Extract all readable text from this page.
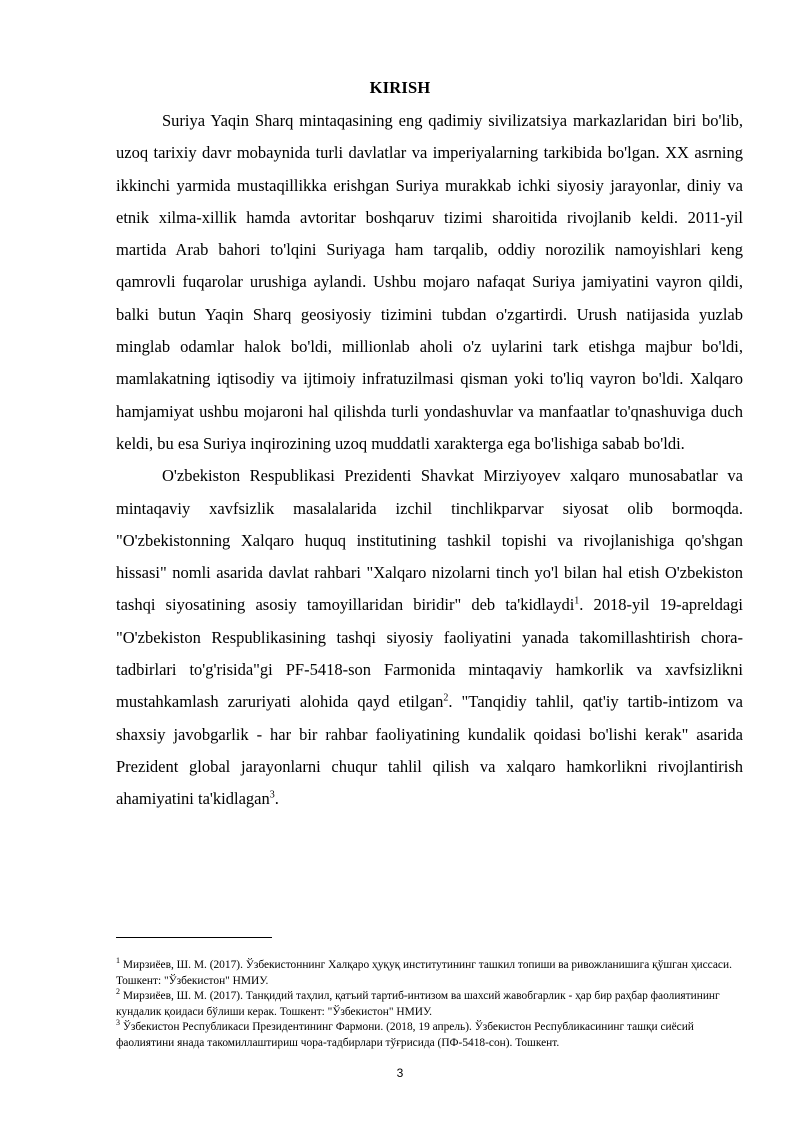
KIRISH

Suriya Yaqin Sharq mintaqasining eng qadimiy sivilizatsiya markazlaridan biri bo'lib, uzoq tarixiy davr mobaynida turli davlatlar va imperiyalarning tarkibida bo'lgan. XX asrning ikkinchi yarmida mustaqillikka erishgan Suriya murakkab ichki siyosiy jarayonlar, diniy va etnik xilma-xillik hamda avtoritar boshqaruv tizimi sharoitida rivojlanib keldi. 2011-yil martida Arab bahori to'lqini Suriyaga ham tarqalib, oddiy norozilik namoyishlari keng qamrovli fuqarolar urushiga aylandi. Ushbu mojaro nafaqat Suriya jamiyatini vayron qildi, balki butun Yaqin Sharq geosiyosiy tizimini tubdan o'zgartirdi. Urush natijasida yuzlab minglab odamlar halok bo'ldi, millionlab aholi o'z uylarini tark etishga majbur bo'ldi, mamlakatning iqtisodiy va ijtimoiy infratuzilmasi qisman yoki to'liq vayron bo'ldi. Xalqaro hamjamiyat ushbu mojaroni hal qilishda turli yondashuvlar va manfaatlar to'qnashuviga duch keldi, bu esa Suriya inqirozining uzoq muddatli xarakterga ega bo'lishiga sabab bo'ldi.

O'zbekiston Respublikasi Prezidenti Shavkat Mirziyoyev xalqaro munosabatlar va mintaqaviy xavfsizlik masalalarida izchil tinchlikparvar siyosat olib bormoqda. "O'zbekistonning Xalqaro huquq institutining tashkil topishi va rivojlanishiga qo'shgan hissasi" nomli asarida davlat rahbari "Xalqaro nizolarni tinch yo'l bilan hal etish O'zbekiston tashqi siyosatining asosiy tamoyillaridan biridir" deb ta'kidlaydi$^1$. 2018-yil 19-apreldagi "O'zbekiston Respublikasining tashqi siyosiy faoliyatini yanada takomillashtirish chora-tadbirlari to'g'risida"gi PF-5418-son Farmonida mintaqaviy hamkorlik va xavfsizlikni mustahkamlash zaruriyati alohida qayd etilgan$^2$. "Tanqidiy tahlil, qat'iy tartib-intizom va shaxsiy javobgarlik - har bir rahbar faoliyatining kundalik qoidasi bo'lishi kerak" asarida Prezident global jarayonlarni chuqur tahlil qilish va xalqaro hamkorlikni rivojlantirish ahamiyatini ta'kidlagan$^3$.

$^1$ Мирзиёев, Ш. М. (2017). Ўзбекистоннинг Халқаро ҳуқуқ институтининг ташкил топиши ва ривожланишига қўшган ҳиссаси. Тошкент: "Ўзбекистон" НМИУ.

$^2$ Мирзиёев, Ш. М. (2017). Танқидий таҳлил, қатъий тартиб-интизом ва шахсий жавобгарлик - ҳар бир раҳбар фаолиятининг кундалик қоидаси бўлиши керак. Тошкент: "Ўзбекистон" НМИУ.

$^3$ Ўзбекистон Республикаси Президентининг Фармони. (2018, 19 апрель). Ўзбекистон Республикасининг ташқи сиёсий фаолиятини янада такомиллаштириш чора-тадбирлари тўғрисида (ПФ-5418-сон). Тошкент.

3
